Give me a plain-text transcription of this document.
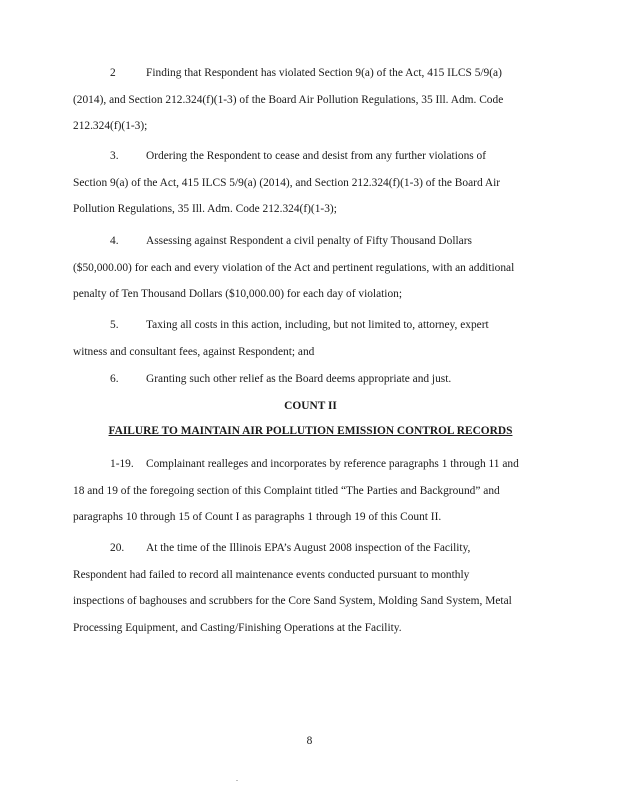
2	Finding that Respondent has violated Section 9(a) of the Act, 415 ILCS 5/9(a)
(2014), and Section 212.324(f)(1-3) of the Board Air Pollution Regulations, 35 Ill. Adm. Code
212.324(f)(1-3);
3. Ordering the Respondent to cease and desist from any further violations of
Section 9(a) of the Act, 415 ILCS 5/9(a) (2014), and Section 212.324(f)(1-3) of the Board Air
Pollution Regulations, 35 Ill. Adm. Code 212.324(f)(1-3);
4. Assessing against Respondent a civil penalty of Fifty Thousand Dollars
($50,000.00) for each and every violation of the Act and pertinent regulations, with an additional
penalty of Ten Thousand Dollars ($10,000.00) for each day of violation;
5. Taxing all costs in this action, including, but not limited to, attorney, expert
witness and consultant fees, against Respondent; and
6. Granting such other relief as the Board deems appropriate and just.
COUNT II
FAILURE TO MAINTAIN AIR POLLUTION EMISSION CONTROL RECORDS
1-19. Complainant realleges and incorporates by reference paragraphs 1 through 11 and
18 and 19 of the foregoing section of this Complaint titled “The Parties and Background” and
paragraphs 10 through 15 of Count I as paragraphs 1 through 19 of this Count II.
20. At the time of the Illinois EPA’s August 2008 inspection of the Facility,
Respondent had failed to record all maintenance events conducted pursuant to monthly
inspections of baghouses and scrubbers for the Core Sand System, Molding Sand System, Metal
Processing Equipment, and Casting/Finishing Operations at the Facility.
8
.
